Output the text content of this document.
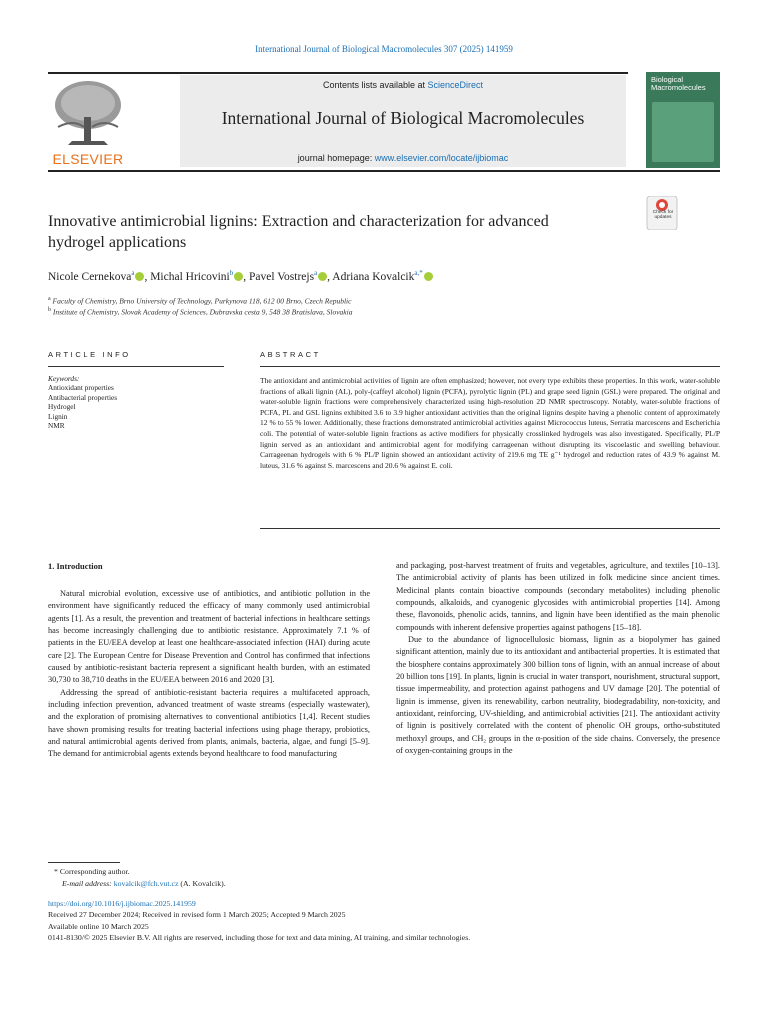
International Journal of Biological Macromolecules 307 (2025) 141959
ELSEVIER
Contents lists available at ScienceDirect
International Journal of Biological Macromolecules
journal homepage: www.elsevier.com/locate/ijbiomac
Biological Macromolecules
Innovative antimicrobial lignins: Extraction and characterization for advanced hydrogel applications
Check for updates
Nicole Cernekova$^a$ , Michal Hricovini$^b$ , Pavel Vostrejs$^a$ , Adriana Kovalcik$^{a,*}$
$^a$ Faculty of Chemistry, Brno University of Technology, Purkynova 118, 612 00 Brno, Czech Republic
$^b$ Institute of Chemistry, Slovak Academy of Sciences, Dubravska cesta 9, 548 38 Bratislava, Slovakia
ARTICLE INFO	ABSTRACT
Keywords:
Antioxidant properties
Antibacterial properties
Hydrogel
Lignin
NMR

The antioxidant and antimicrobial activities of lignin are often emphasized; however, not every type exhibits these properties. In this work, water-soluble fractions of alkali lignin (AL), poly-(caffeyl alcohol) lignin (PCFA), pyrolytic lignin (PL) and grape seed lignin (GSL) were prepared. The original and water-soluble lignin fractions were comprehensively characterized using high-resolution 2D NMR spectroscopy. Notably, water-soluble fractions of PCFA, PL and GSL lignins exhibited 3.6 to 3.9 higher antioxidant activities than the original lignins despite having a phenolic content of approximately 12 % to 55 % lower. Additionally, these fractions demonstrated antimicrobial activities against Micrococcus luteus, Serratia marcescens and Escherichia coli. The potential of water-soluble lignin fractions as active modifiers for physically crosslinked hydrogels was also investigated. Specifically, PL/P lignin served as an antioxidant and antimicrobial agent for modifying carrageenan without disrupting its viscoelastic and swelling behaviour. Carrageenan hydrogels with 6 % PL/P lignin showed an antioxidant activity of 219.6 mg TE g⁻¹ hydrogel and reduction rates of 43.9 % against M. luteus, 31.6 % against S. marcescens and 20.6 % against E. coli.

1. Introduction

Natural microbial evolution, excessive use of antibiotics, and antibiotic pollution in the environment have significantly reduced the efficacy of many commonly used antimicrobial agents [1]. As a result, the prevention and treatment of bacterial infections in healthcare settings has become increasingly challenging due to antibiotic resistance. Approximately 7.1 % of patients in the EU/EEA develop at least one healthcare-associated infection (HAI) during acute care [2]. The European Centre for Disease Prevention and Control has confirmed that infections caused by antibiotic-resistant bacteria represent a significant health burden, with an estimated 30,730 to 38,710 deaths in the EU/EEA between 2016 and 2020 [3].

Addressing the spread of antibiotic-resistant bacteria requires a multifaceted approach, including infection prevention, advanced treatment of waste streams (especially wastewater), and the exploration of promising alternatives to conventional antibiotics [1,4]. Recent studies have shown promising results for treating bacterial infections using phage therapy, probiotics, and natural antimicrobial agents derived from plants, animals, bacteria, algae, and fungi [5–9]. The demand for antimicrobial agents extends beyond healthcare to food manufacturing

and packaging, post-harvest treatment of fruits and vegetables, agriculture, and textiles [10–13]. The antimicrobial activity of plants has been utilized in folk medicine since ancient times. Medicinal plants contain bioactive compounds (secondary metabolites) including phenolic compounds, alkaloids, and cyanogenic glycosides with antimicrobial properties [14]. Among these, flavonoids, phenolic acids, tannins, and lignin have been identified as the main phenolic compounds with inherent defensive properties against pathogens [15–18].

Due to the abundance of lignocellulosic biomass, lignin as a biopolymer has gained significant attention, mainly due to its antioxidant and antibacterial properties. It is estimated that the biosphere contains approximately 300 billion tons of lignin, with an annual increase of about 20 billion tons [19]. In plants, lignin is crucial in water transport, nourishment, structural support, tissue impermeability, and protection against pathogens and UV damage [20]. The potential of lignin is immense, given its renewability, carbon neutrality, biodegradability, non-toxicity, and antioxidant, reinforcing, UV-shielding, and antimicrobial activities [21]. The antioxidant activity of lignin is positively correlated with the content of phenolic OH groups, ortho-substituted methoxyl groups, and CH₂ groups in the α-position of the side chains. Conversely, the presence of oxygen-containing groups in the

* Corresponding author.
E-mail address: kovalcik@fch.vut.cz (A. Kovalcik).
https://doi.org/10.1016/j.ijbiomac.2025.141959
Received 27 December 2024; Received in revised form 1 March 2025; Accepted 9 March 2025
Available online 10 March 2025
0141-8130/© 2025 Elsevier B.V. All rights are reserved, including those for text and data mining, AI training, and similar technologies.
